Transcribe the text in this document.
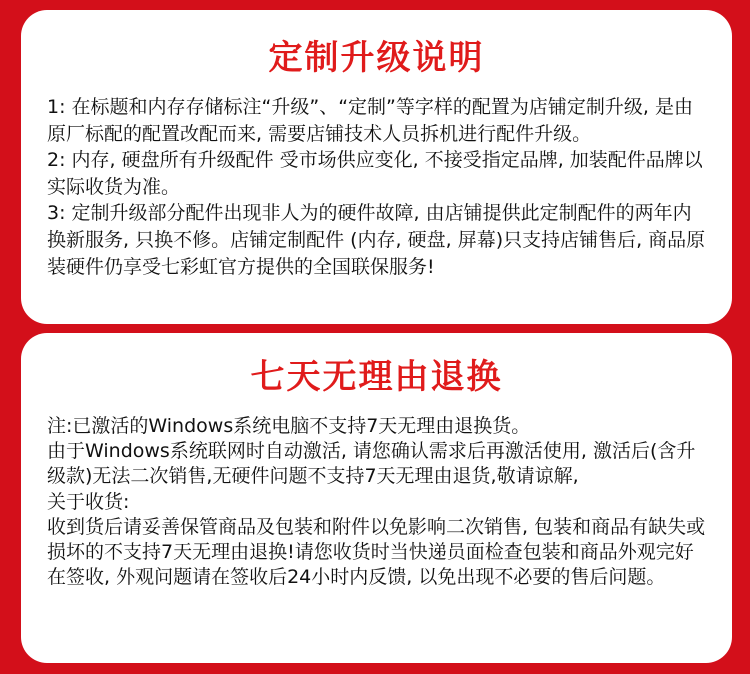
定制升级说明
1: 在标题和内存存储标注“升级”、“定制”等字样的配置为店铺定制升级, 是由原厂标配的配置改配而来, 需要店铺技术人员拆机进行配件升级。
2: 内存, 硬盘所有升级配件 受市场供应变化, 不接受指定品牌, 加装配件品牌以实际收货为准。
3: 定制升级部分配件出现非人为的硬件故障, 由店铺提供此定制配件的两年内换新服务, 只换不修。店铺定制配件 (内存, 硬盘, 屏幕)只支持店铺售后, 商品原装硬件仍享受七彩虹官方提供的全国联保服务!
七天无理由退换
注:已激活的Windows系统电脑不支持7天无理由退换货。
由于Windows系统联网时自动激活, 请您确认需求后再激活使用, 激活后(含升级款)无法二次销售,无硬件问题不支持7天无理由退货,敬请谅解,
关于收货:
收到货后请妥善保管商品及包装和附件以免影响二次销售, 包装和商品有缺失或损坏的不支持7天无理由退换!请您收货时当快递员面检查包装和商品外观完好在签收, 外观问题请在签收后24小时内反馈, 以免出现不必要的售后问题。
